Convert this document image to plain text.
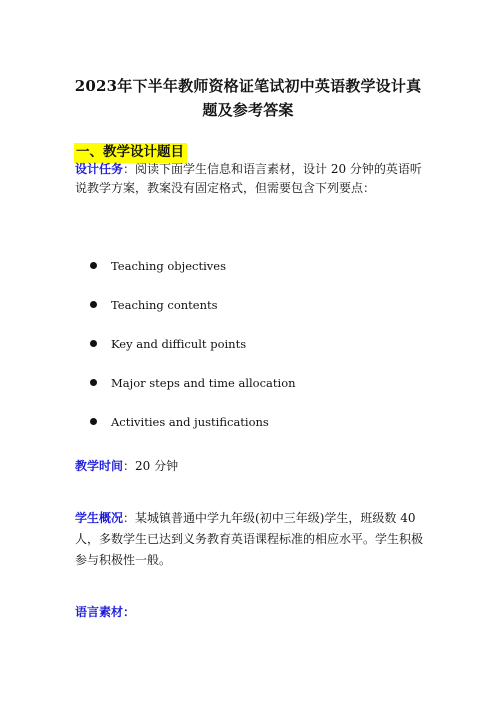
2023年下半年教师资格证笔试初中英语教学设计真
题及参考答案
一、教学设计题目
设计任务：阅读下面学生信息和语言素材，设计 20 分钟的英语听说教学方案，教案没有固定格式，但需要包含下列要点：
Teaching objectives
Teaching contents
Key and difficult points
Major steps and time allocation
Activities and justifications
教学时间：20 分钟
学生概况：某城镇普通中学九年级(初中三年级)学生，班级数 40 人，多数学生已达到义务教育英语课程标准的相应水平。学生积极参与积极性一般。
语言素材：
